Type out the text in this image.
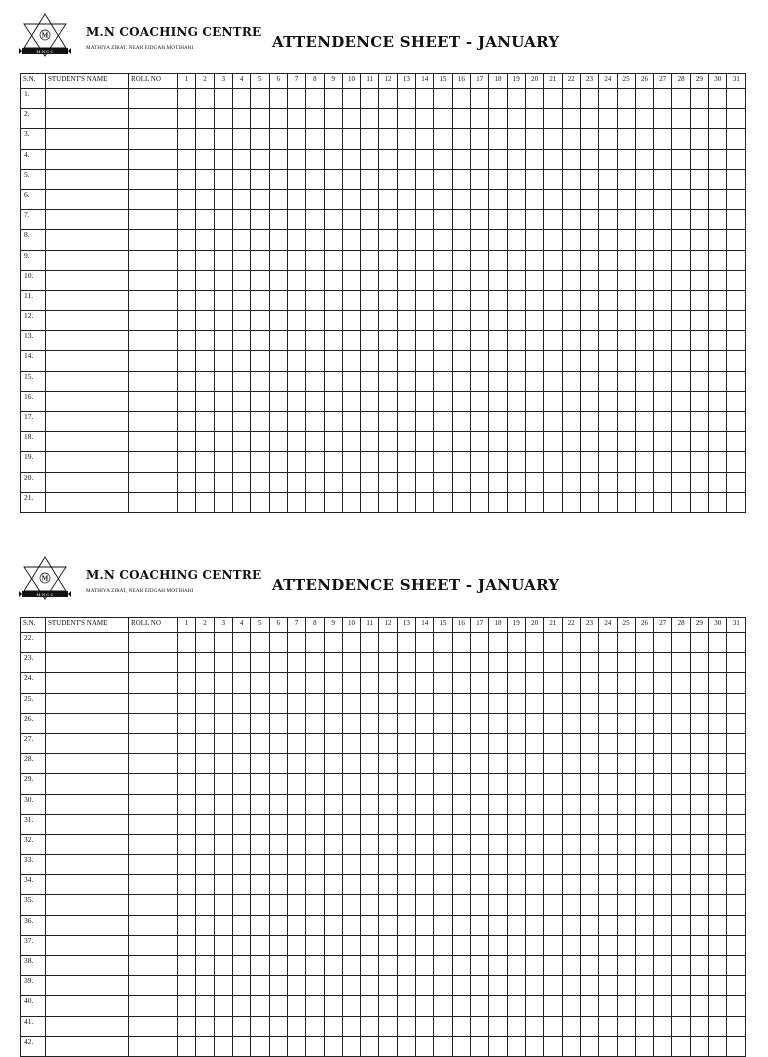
M
M.N.C.C
M.N COACHING CENTRE
MATHIYA ZIRAT, NEAR EIDGAH MOTIHARI	ATTENDENCE SHEET - JANUARY
S.N.	STUDENT'S NAME	ROLL NO	1	2	3	4	5	6	7	8	9	10	11	12	13	14	15	16	17	18	19	20	21	22	23	24	25	26	27	28	29	30	31
1.																																	
2.																																	
3.																																	
4.																																	
5.																																	
6.																																	
7.																																	
8.																																	
9.																																	
10.																																	
11.																																	
12.																																	
13.																																	
14.																																	
15.																																	
16.																																	
17.																																	
18.																																	
19.																																	
20.																																	
21.																																	
M
M.N.C.C
M.N COACHING CENTRE
MATHIYA ZIRAT, NEAR EIDGAH MOTIHARI	ATTENDENCE SHEET - JANUARY
S.N.	STUDENT'S NAME	ROLL NO	1	2	3	4	5	6	7	8	9	10	11	12	13	14	15	16	17	18	19	20	21	22	23	24	25	26	27	28	29	30	31
22.																																	
23.																																	
24.																																	
25.																																	
26.																																	
27.																																	
28.																																	
29.																																	
30.																																	
31.																																	
32.																																	
33.																																	
34.																																	
35.																																	
36.																																	
37.																																	
38.																																	
39.																																	
40.																																	
41.																																	
42.																																	
